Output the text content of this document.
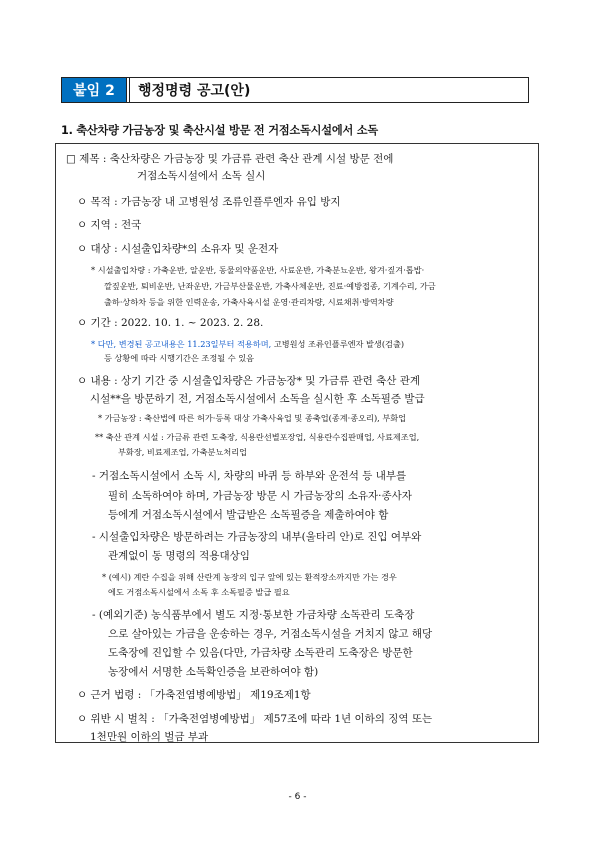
붙임 2	행정명령 공고(안)
1. 축산차량 가금농장 및 축산시설 방문 전 거점소독시설에서 소독
□ 제목 : 축산차량은 가금농장 및 가금류 관련 축산 관계 시설 방문 전에
거점소독시설에서 소독 실시
ㅇ 목적 : 가금농장 내 고병원성 조류인플루엔자 유입 방지
ㅇ 지역 : 전국
ㅇ 대상 : 시설출입차량*의 소유자 및 운전자
* 시설출입차량 : 가축운반, 알운반, 동물의약품운반, 사료운반, 가축분뇨운반, 왕겨·짚겨·톱밥·
깔짚운반, 퇴비운반, 난좌운반, 가금부산물운반, 가축사체운반, 진료·예방접종, 기계수리, 가금
출하·상하차 등을 위한 인력운송, 가축사육시설 운영·관리차량, 시료채취·방역차량
ㅇ 기간 : 2022. 10. 1. ~ 2023. 2. 28.
* 다만, 변경된 공고내용은 11.23일부터 적용하며, 고병원성 조류인플루엔자 발생(검출)
등 상황에 따라 시행기간은 조정될 수 있음
ㅇ 내용 : 상기 기간 중 시설출입차량은 가금농장* 및 가금류 관련 축산 관계
시설**을 방문하기 전, 거점소독시설에서 소독을 실시한 후 소독필증 발급
* 가금농장 : 축산법에 따른 허가·등록 대상 가축사육업 및 종축업(종계·종오리), 부화업
** 축산 관계 시설 : 가금류 관련 도축장, 식용란선별포장업, 식용란수집판매업, 사료제조업,
부화장, 비료제조업, 가축분뇨처리업
- 거점소독시설에서 소독 시, 차량의 바퀴 등 하부와 운전석 등 내부를
필히 소독하여야 하며, 가금농장 방문 시 가금농장의 소유자·종사자
등에게 거점소독시설에서 발급받은 소독필증을 제출하여야 함
- 시설출입차량은 방문하려는 가금농장의 내부(울타리 안)로 진입 여부와
관계없이 동 명령의 적용대상임
* (예시) 계란 수집을 위해 산란계 농장의 입구 앞에 있는 환적장소까지만 가는 경우
에도 거점소독시설에서 소독 후 소독필증 발급 필요
- (예외기준) 농식품부에서 별도 지정·통보한 가금차량 소독관리 도축장
으로 살아있는 가금을 운송하는 경우, 거점소독시설을 거치지 않고 해당
도축장에 진입할 수 있음(다만, 가금차량 소독관리 도축장은 방문한
농장에서 서명한 소독확인증을 보관하여야 함)
ㅇ 근거 법령 : 「가축전염병예방법」 제19조제1항
ㅇ 위반 시 벌칙 : 「가축전염병예방법」 제57조에 따라 1년 이하의 징역 또는
1천만원 이하의 벌금 부과
- 6 -
